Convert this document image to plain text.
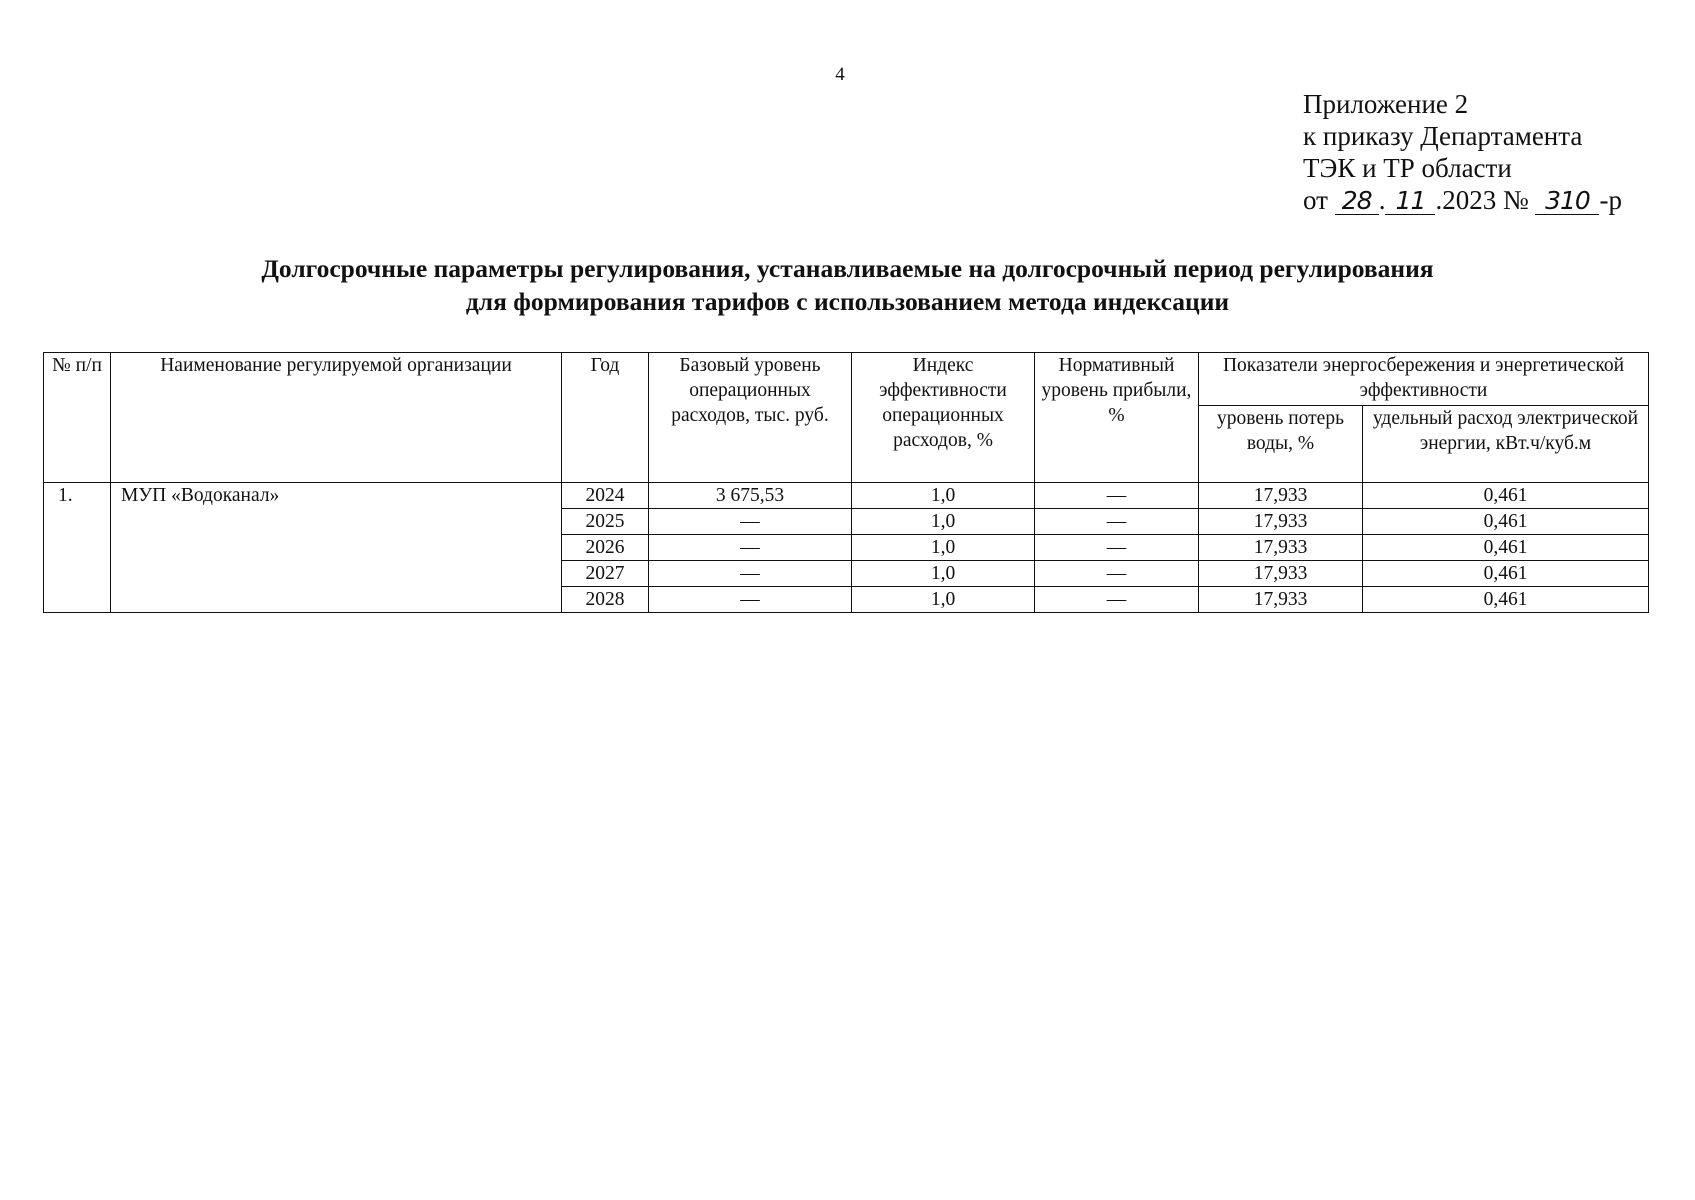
4
Приложение 2
к приказу Департамента
ТЭК и ТР области
от 28 . 11 .2023 № 310 -р
Долгосрочные параметры регулирования, устанавливаемые на долгосрочный период регулирования
для формирования тарифов с использованием метода индексации
№ п/п	Наименование регулируемой организации	Год	Базовый уровень операционных расходов, тыс. руб.	Индекс эффективности операционных расходов, %	Нормативный уровень прибыли, %	Показатели энергосбережения и энергетической эффективности	
						уровень потерь воды, %	удельный расход электрической энергии, кВт.ч/куб.м
1.	МУП «Водоканал»	2024	3 675,53	1,0	—	17,933	0,461
		2025	—	1,0	—	17,933	0,461
		2026	—	1,0	—	17,933	0,461
		2027	—	1,0	—	17,933	0,461
		2028	—	1,0	—	17,933	0,461
